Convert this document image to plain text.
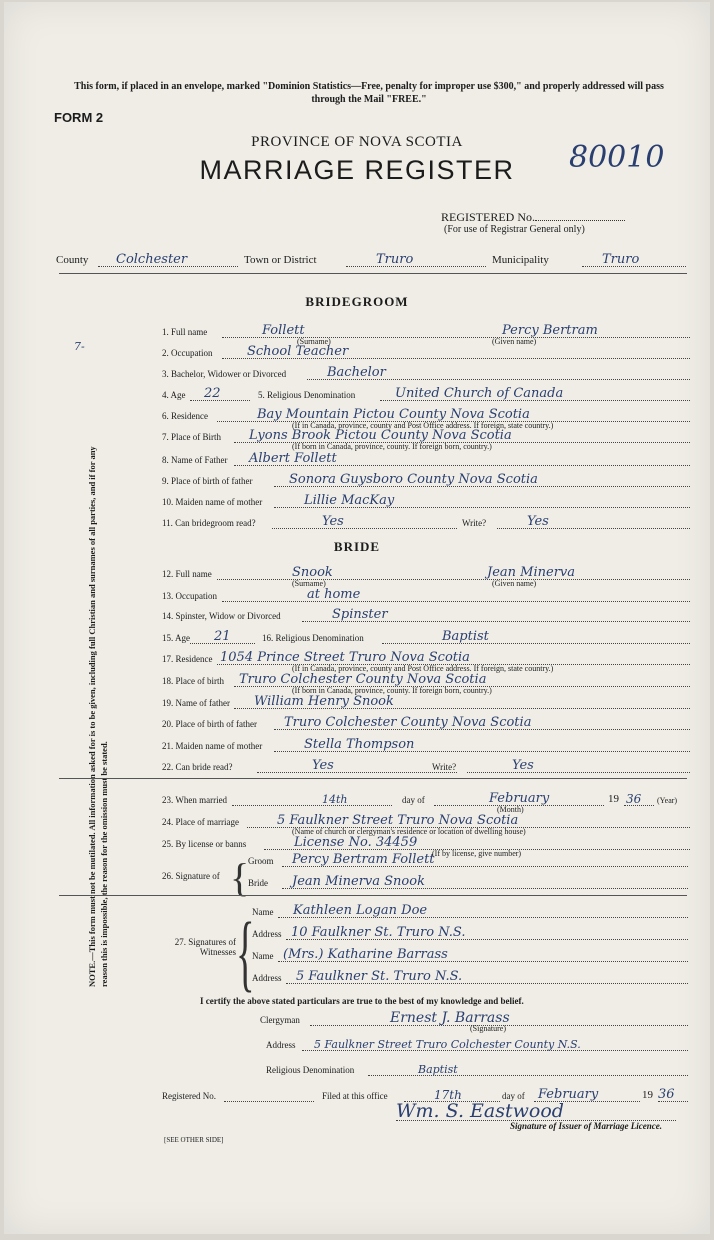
This form, if placed in an envelope, marked "Dominion Statistics—Free, penalty for improper use $300," and properly addressed will pass through the Mail "FREE."
FORM 2
PROVINCE OF NOVA SCOTIA
MARRIAGE REGISTER	80010
REGISTERED No.
(For use of Registrar General only)
County Colchester	Town or District	Truro	Municipality	Truro
BRIDEGROOM
NOTE.—This form must not be mutilated. All information asked for is to be given, including full Christian and surnames of all parties, and if for any reason this is impossible, the reason for the omission must be stated.
7-
1. Full name	Follett	Percy Bertram
(Surname)	(Given name)
2. Occupation	School Teacher
3. Bachelor, Widower or Divorced	Bachelor
4. Age 22	5. Religious Denomination	United Church of Canada
6. Residence	Bay Mountain Pictou County Nova Scotia
(If in Canada, province, county and Post Office address. If foreign, state country.)
7. Place of Birth Lyons Brook Pictou County Nova Scotia
(If born in Canada, province, county. If foreign born, country.)
8. Name of Father Albert Follett
9. Place of birth of father	Sonora Guysboro County Nova Scotia
10. Maiden name of mother	Lillie MacKay
11. Can bridegroom read?	Yes	Write?	Yes
BRIDE
12. Full name	Snook	Jean Minerva
(Surname)	(Given name)
13. Occupation	at home
14. Spinster, Widow or Divorced	Spinster
15. Age 21	16. Religious Denomination	Baptist
17. Residence 1054 Prince Street Truro Nova Scotia
(If in Canada, province, county and Post Office address. If foreign, state country.)
18. Place of birth Truro Colchester County Nova Scotia
(If born in Canada, province, county. If foreign born, country.)
19. Name of father William Henry Snook
20. Place of birth of father Truro Colchester County Nova Scotia
21. Maiden name of mother	Stella Thompson
22. Can bride read?	Yes	Write?	Yes
23. When married	14th	day of	February	19 36
(Month)
(Year)
24. Place of marriage	5 Faulkner Street Truro Nova Scotia
(Name of church or clergyman's residence or location of dwelling house)
25. By license or banns	License No. 34459
(If by license, give number)
26. Signature of {
Groom Percy Bertram Follett
Bride Jean Minerva Snook
27. Signatures of Witnesses {
Name Kathleen Logan Doe
Address 10 Faulkner St. Truro N.S.
Name (Mrs.) Katharine Barrass
Address 5 Faulkner St. Truro N.S.
I certify the above stated particulars are true to the best of my knowledge and belief.
Clergyman	Ernest J. Barrass
(Signature)
Address 5 Faulkner Street Truro Colchester County N.S.
Religious Denomination	Baptist
Registered No.	Filed at this office	17th	day of February	19 36
Wm. S. Eastwood
Signature of Issuer of Marriage Licence.
[SEE OTHER SIDE]
